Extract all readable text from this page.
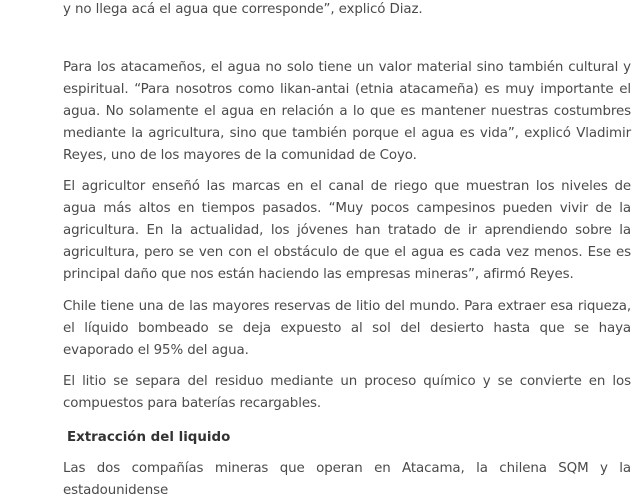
y no llega acá el agua que corresponde”, explicó Diaz.

Para los atacameños, el agua no solo tiene un valor material sino también cultural y espiritual. “Para nosotros como likan-antai (etnia atacameña) es muy importante el agua. No solamente el agua en relación a lo que es mantener nuestras costumbres mediante la agricultura, sino que también porque el agua es vida”, explicó Vladimir Reyes, uno de los mayores de la comunidad de Coyo.

El agricultor enseñó las marcas en el canal de riego que muestran los niveles de agua más altos en tiempos pasados. “Muy pocos campesinos pueden vivir de la agricultura. En la actualidad, los jóvenes han tratado de ir aprendiendo sobre la agricultura, pero se ven con el obstáculo de que el agua es cada vez menos. Ese es principal daño que nos están haciendo las empresas mineras”, afirmó Reyes.

Chile tiene una de las mayores reservas de litio del mundo. Para extraer esa riqueza, el líquido bombeado se deja expuesto al sol del desierto hasta que se haya evaporado el 95% del agua.

El litio se separa del residuo mediante un proceso químico y se convierte en los compuestos para baterías recargables.

Extracción del liquido

Las dos compañías mineras que operan en Atacama, la chilena SQM y la estadounidense
